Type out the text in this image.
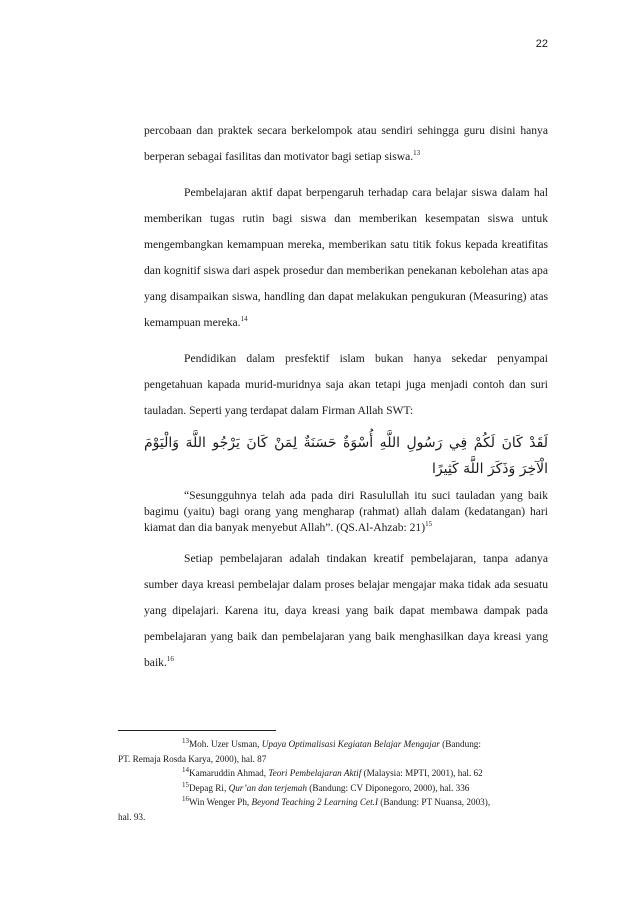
22

percobaan dan praktek secara berkelompok atau sendiri sehingga guru disini hanya berperan sebagai fasilitas dan motivator bagi setiap siswa.$^{13}$

Pembelajaran aktif dapat berpengaruh terhadap cara belajar siswa dalam hal memberikan tugas rutin bagi siswa dan memberikan kesempatan siswa untuk mengembangkan kemampuan mereka, memberikan satu titik fokus kepada kreatifitas dan kognitif siswa dari aspek prosedur dan memberikan penekanan kebolehan atas apa yang disampaikan siswa, handling dan dapat melakukan pengukuran (Measuring) atas kemampuan mereka.$^{14}$

Pendidikan dalam presfektif islam bukan hanya sekedar penyampai pengetahuan kapada murid-muridnya saja akan tetapi juga menjadi contoh dan suri tauladan. Seperti yang terdapat dalam Firman Allah SWT:

لَقَدْ كَانَ لَكُمْ فِي رَسُولِ اللَّهِ أُسْوَةٌ حَسَنَةٌ لِمَنْ كَانَ يَرْجُو اللَّهَ وَالْيَوْمَ الْآخِرَ وَذَكَرَ اللَّهَ كَثِيرًا

“Sesungguhnya telah ada pada diri Rasulullah itu suci tauladan yang baik bagimu (yaitu) bagi orang yang mengharap (rahmat) allah dalam (kedatangan) hari kiamat dan dia banyak menyebut Allah”. (QS.Al-Ahzab: 21)$^{15}$

Setiap pembelajaran adalah tindakan kreatif pembelajaran, tanpa adanya sumber daya kreasi pembelajar dalam proses belajar mengajar maka tidak ada sesuatu yang dipelajari. Karena itu, daya kreasi yang baik dapat membawa dampak pada pembelajaran yang baik dan pembelajaran yang baik menghasilkan daya kreasi yang baik.$^{16}$

$^{13}$Moh. Uzer Usman, Upaya Optimalisasi Kegiatan Belajar Mengajar (Bandung:

PT. Remaja Rosda Karya, 2000), hal. 87

$^{14}$Kamaruddin Ahmad, Teori Pembelajaran Aktif (Malaysia: MPTI, 2001), hal. 62

$^{15}$Depag Ri, Qur’an dan terjemah (Bandung: CV Diponegoro, 2000), hal. 336

$^{16}$Win Wenger Ph, Beyond Teaching 2 Learning Cet.I (Bandung: PT Nuansa, 2003),

hal. 93.
